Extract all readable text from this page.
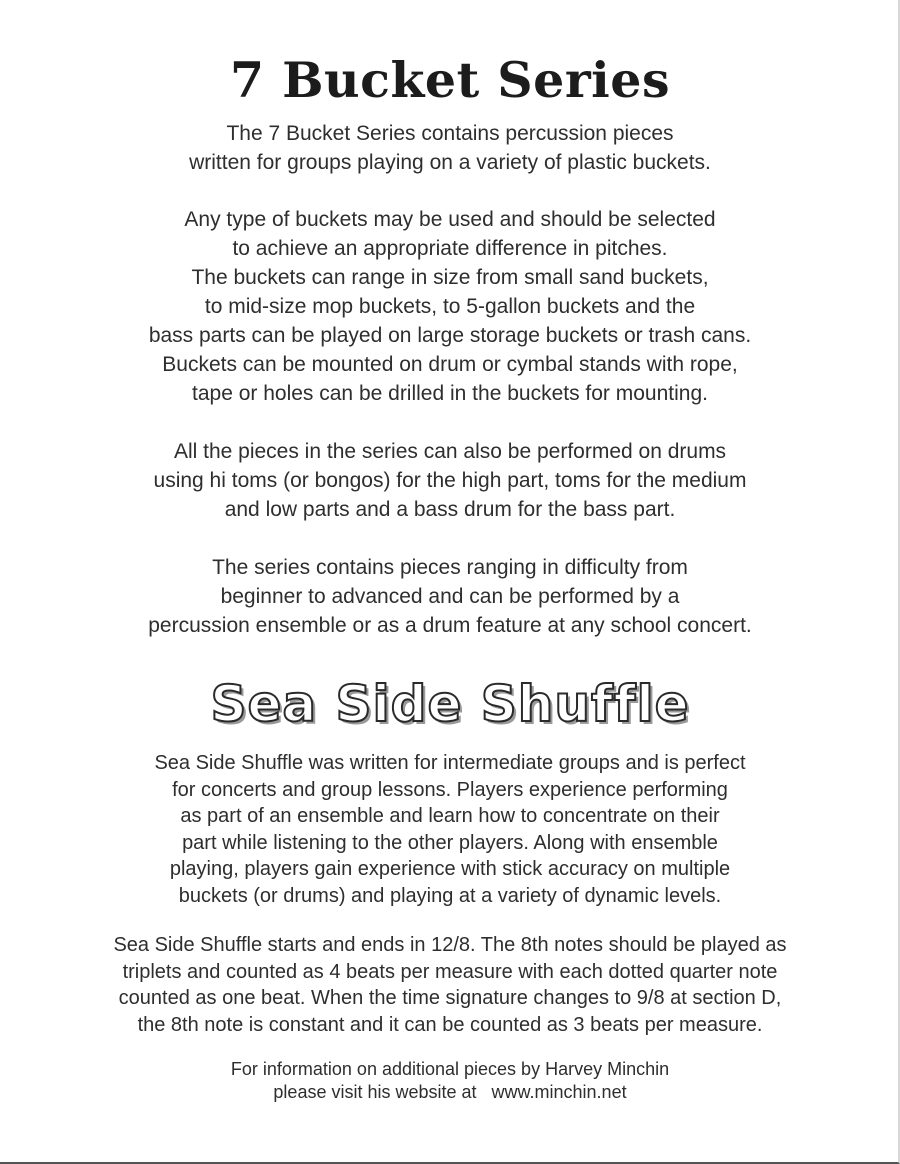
7 Bucket Series
The 7 Bucket Series contains percussion pieces
written for groups playing on a variety of plastic buckets.
Any type of buckets may be used and should be selected
to achieve an appropriate difference in pitches.
The buckets can range in size from small sand buckets,
to mid-size mop buckets, to 5-gallon buckets and the
bass parts can be played on large storage buckets or trash cans.
Buckets can be mounted on drum or cymbal stands with rope,
tape or holes can be drilled in the buckets for mounting.
All the pieces in the series can also be performed on drums
using hi toms (or bongos) for the high part, toms for the medium
and low parts and a bass drum for the bass part.
The series contains pieces ranging in difficulty from
beginner to advanced and can be performed by a
percussion ensemble or as a drum feature at any school concert.
Sea Side Shuffle
Sea Side Shuffle was written for intermediate groups and is perfect
for concerts and group lessons. Players experience performing
as part of an ensemble and learn how to concentrate on their
part while listening to the other players. Along with ensemble
playing, players gain experience with stick accuracy on multiple
buckets (or drums) and playing at a variety of dynamic levels.
Sea Side Shuffle starts and ends in 12/8. The 8th notes should be played as
triplets and counted as 4 beats per measure with each dotted quarter note
counted as one beat. When the time signature changes to 9/8 at section D,
the 8th note is constant and it can be counted as 3 beats per measure.
For information on additional pieces by Harvey Minchin
please visit his website at   www.minchin.net
